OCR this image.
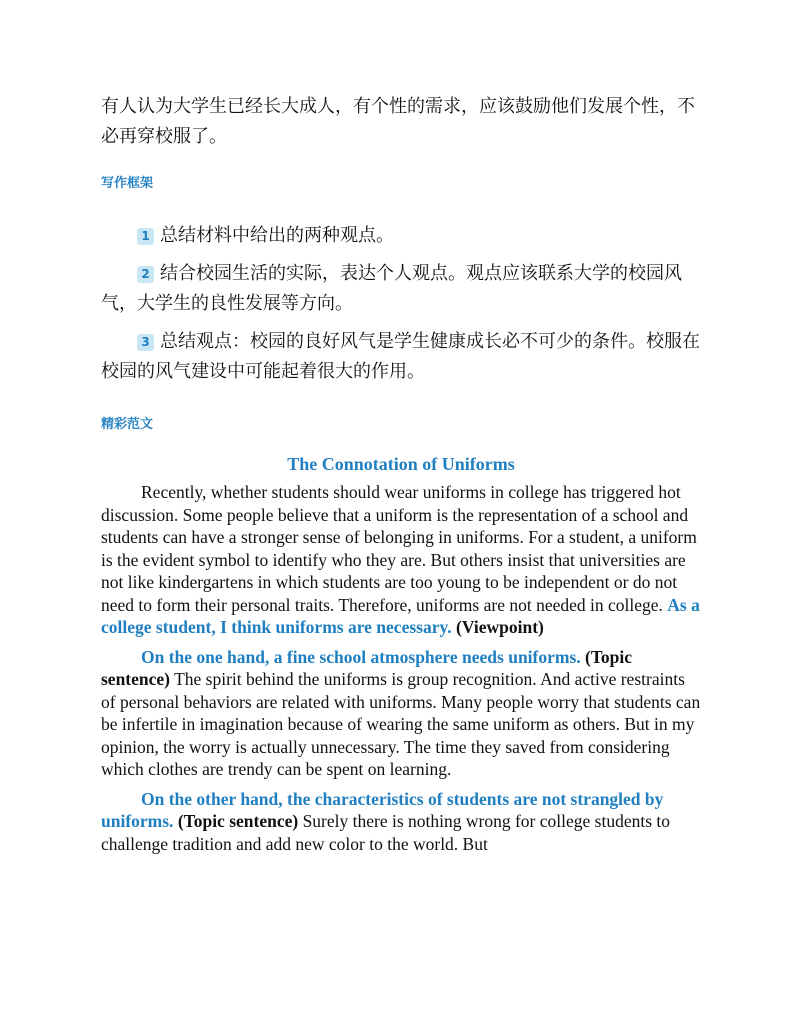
有人认为大学生已经长大成人，有个性的需求，应该鼓励他们发展个性，不必再穿校服了。

写作框架

1 总结材料中给出的两种观点。

2 结合校园生活的实际，表达个人观点。观点应该联系大学的校园风气，大学生的良性发展等方向。

3 总结观点：校园的良好风气是学生健康成长必不可少的条件。校服在校园的风气建设中可能起着很大的作用。

精彩范文

The Connotation of Uniforms

Recently, whether students should wear uniforms in college has triggered hot discussion. Some people believe that a uniform is the representation of a school and students can have a stronger sense of belonging in uniforms. For a student, a uniform is the evident symbol to identify who they are. But others insist that universities are not like kindergartens in which students are too young to be independent or do not need to form their personal traits. Therefore, uniforms are not needed in college. As a college student, I think uniforms are necessary. (Viewpoint)

On the one hand, a fine school atmosphere needs uniforms. (Topic sentence) The spirit behind the uniforms is group recognition. And active restraints of personal behaviors are related with uniforms. Many people worry that students can be infertile in imagination because of wearing the same uniform as others. But in my opinion, the worry is actually unnecessary. The time they saved from considering which clothes are trendy can be spent on learning.

On the other hand, the characteristics of students are not strangled by uniforms. (Topic sentence) Surely there is nothing wrong for college students to challenge tradition and add new color to the world. But
